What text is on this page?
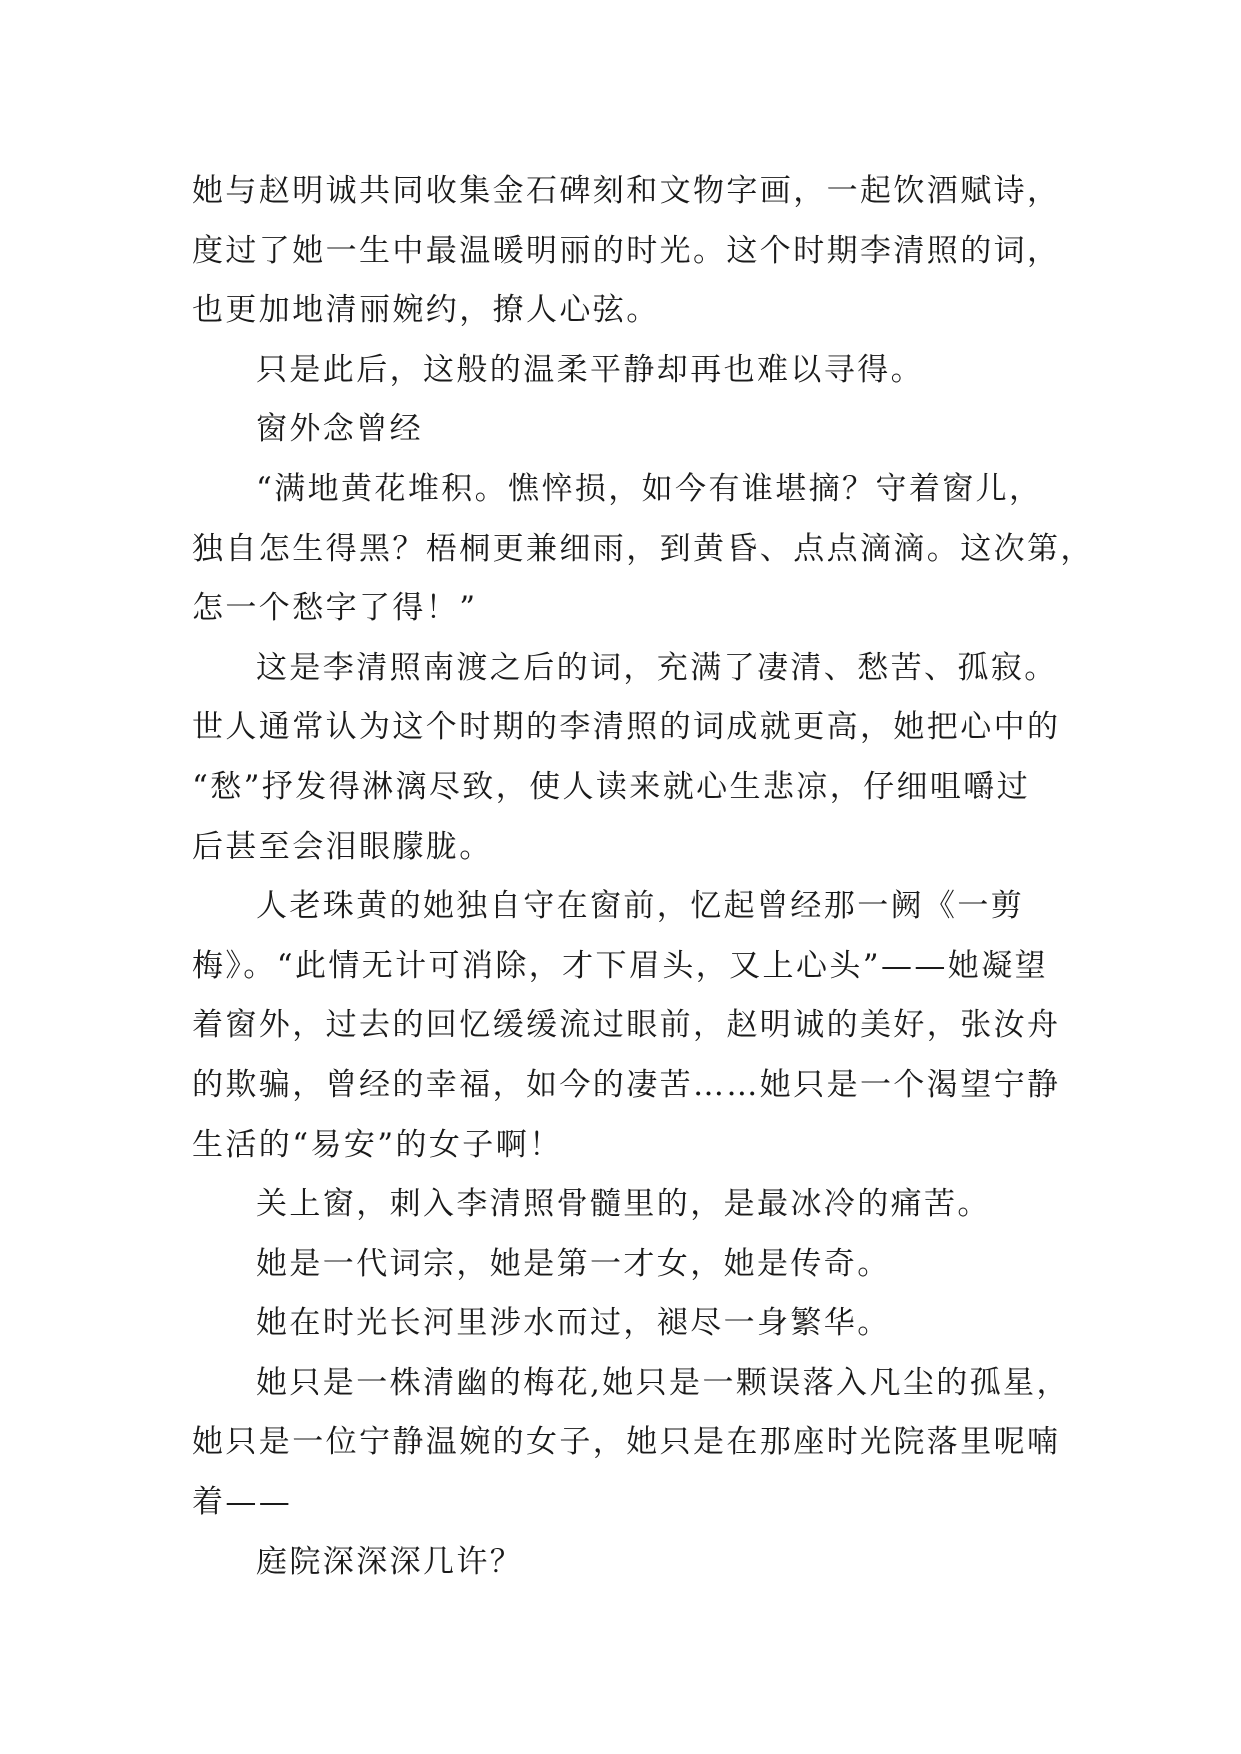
她与赵明诚共同收集金石碑刻和文物字画，一起饮酒赋诗，
度过了她一生中最温暖明丽的时光。这个时期李清照的词，
也更加地清丽婉约，撩人心弦。

只是此后，这般的温柔平静却再也难以寻得。

窗外念曾经

“满地黄花堆积。憔悴损，如今有谁堪摘？守着窗儿，
独自怎生得黑？梧桐更兼细雨，到黄昏、点点滴滴。这次第，
怎一个愁字了得！”

这是李清照南渡之后的词，充满了凄清、愁苦、孤寂。
世人通常认为这个时期的李清照的词成就更高，她把心中的
“愁”抒发得淋漓尽致，使人读来就心生悲凉，仔细咀嚼过
后甚至会泪眼朦胧。

人老珠黄的她独自守在窗前，忆起曾经那一阙《一剪
梅》。“此情无计可消除，才下眉头，又上心头”——她凝望
着窗外，过去的回忆缓缓流过眼前，赵明诚的美好，张汝舟
的欺骗，曾经的幸福，如今的凄苦……她只是一个渴望宁静
生活的“易安”的女子啊！

关上窗，刺入李清照骨髓里的，是最冰冷的痛苦。

她是一代词宗，她是第一才女，她是传奇。

她在时光长河里涉水而过，褪尽一身繁华。

她只是一株清幽的梅花,她只是一颗误落入凡尘的孤星，
她只是一位宁静温婉的女子，她只是在那座时光院落里呢喃
着——

庭院深深深几许？
